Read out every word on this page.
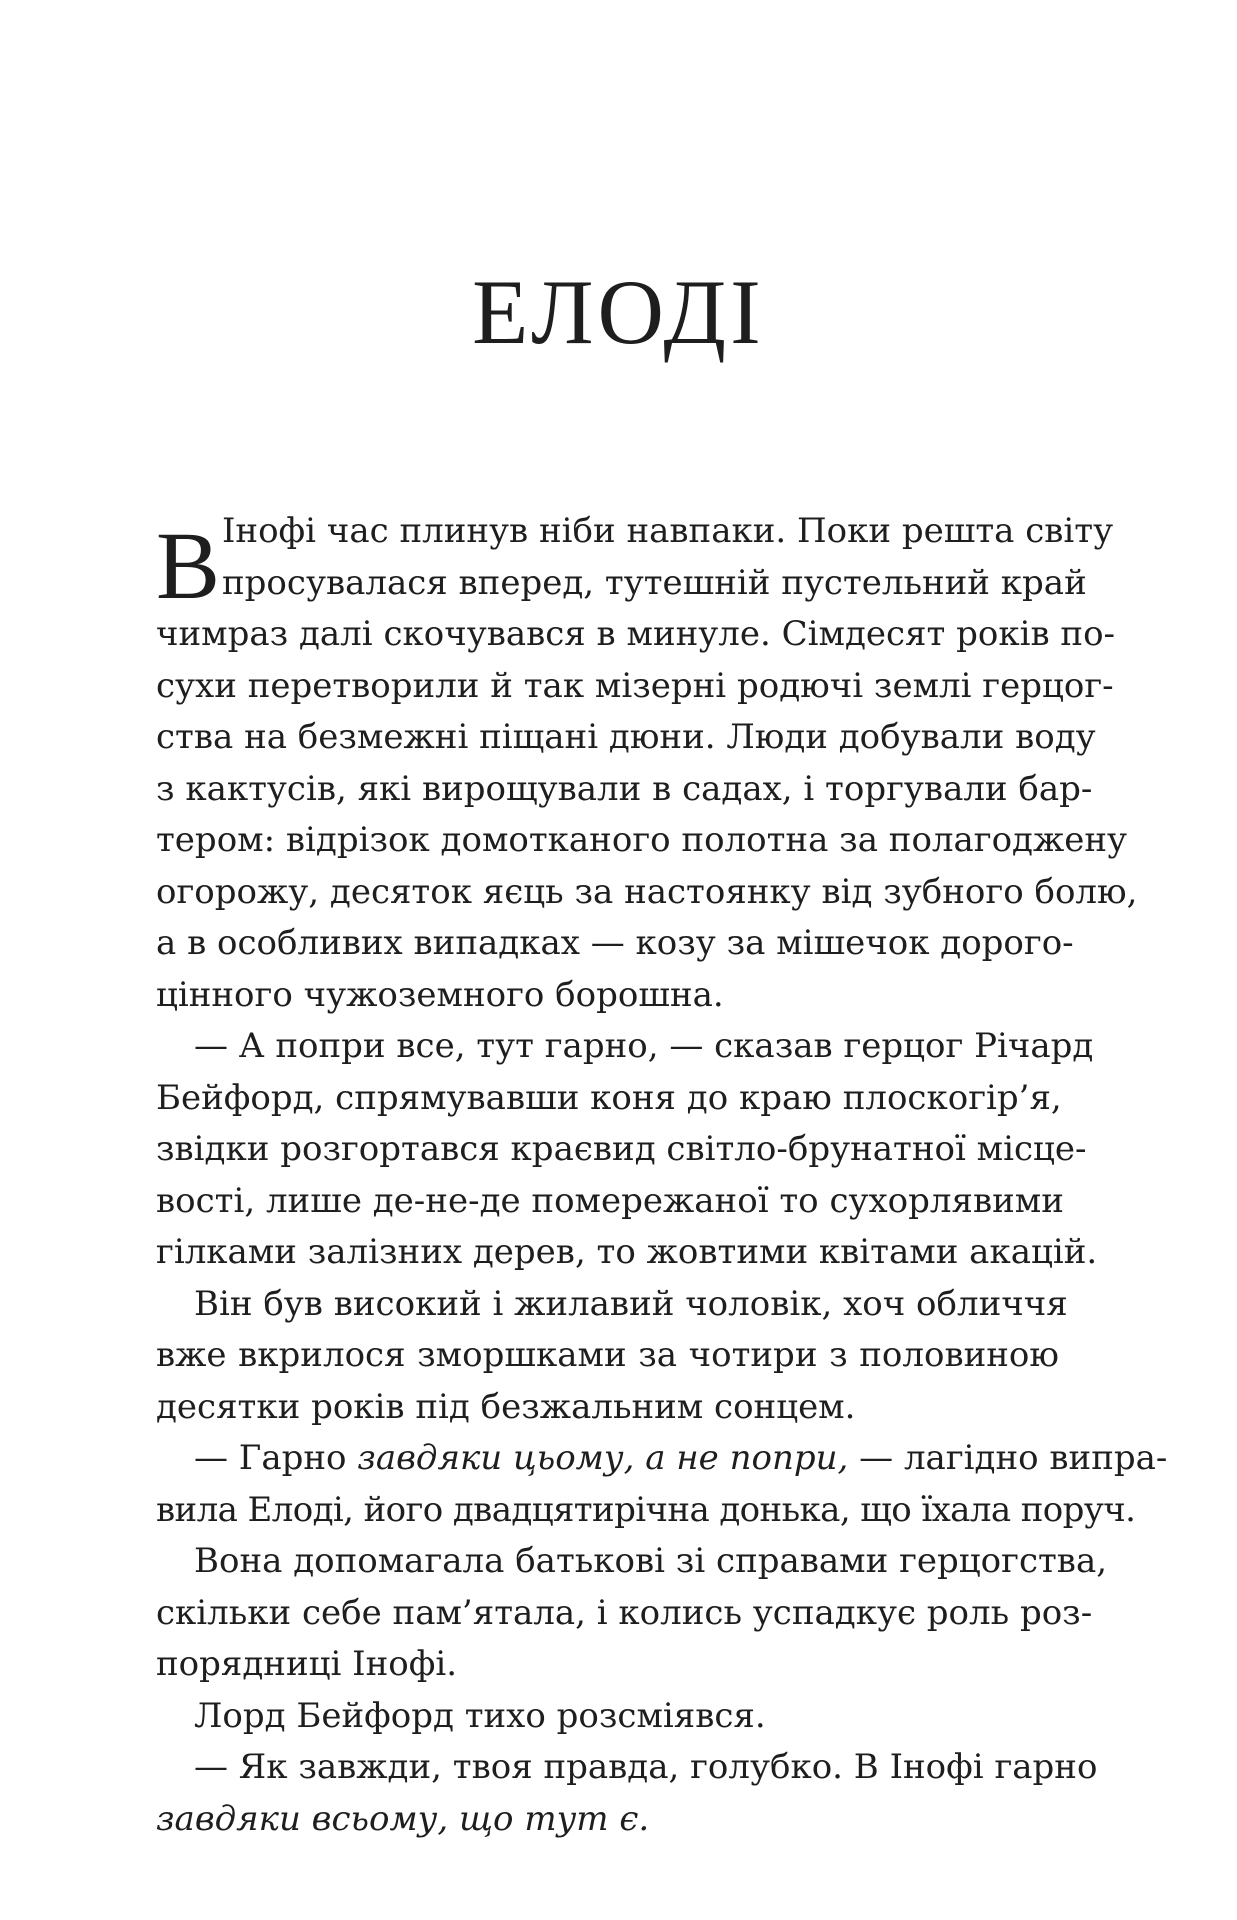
ЕЛОДІ
В Інофі час плинув ніби навпаки. Поки решта світу
просувалася вперед, тутешній пустельний край
чимраз далі скочувався в минуле. Сімдесят років по-
сухи перетворили й так мізерні родючі землі герцог-
ства на безмежні піщані дюни. Люди добували воду
з кактусів, які вирощували в садах, і торгували бар-
тером: відрізок домотканого полотна за полагоджену
огорожу, десяток яєць за настоянку від зубного болю,
а в особливих випадках — козу за мішечок дорого-
цінного чужоземного борошна.
— А попри все, тут гарно, — сказав герцог Річард
Бейфорд, спрямувавши коня до краю плоскогір’я,
звідки розгортався краєвид світло-брунатної місце-
вості, лише де-не-де помережаної то сухорлявими
гілками залізних дерев, то жовтими квітами акацій.
Він був високий і жилавий чоловік, хоч обличчя
вже вкрилося зморшками за чотири з половиною
десятки років під безжальним сонцем.
— Гарно завдяки цьому, а не попри, — лагідно випра-
вила Елоді, його двадцятирічна донька, що їхала поруч.
Вона допомагала батькові зі справами герцогства,
скільки себе пам’ятала, і колись успадкує роль роз-
порядниці Інофі.
Лорд Бейфорд тихо розсміявся.
— Як завжди, твоя правда, голубко. В Інофі гарно
завдяки всьому, що тут є.
